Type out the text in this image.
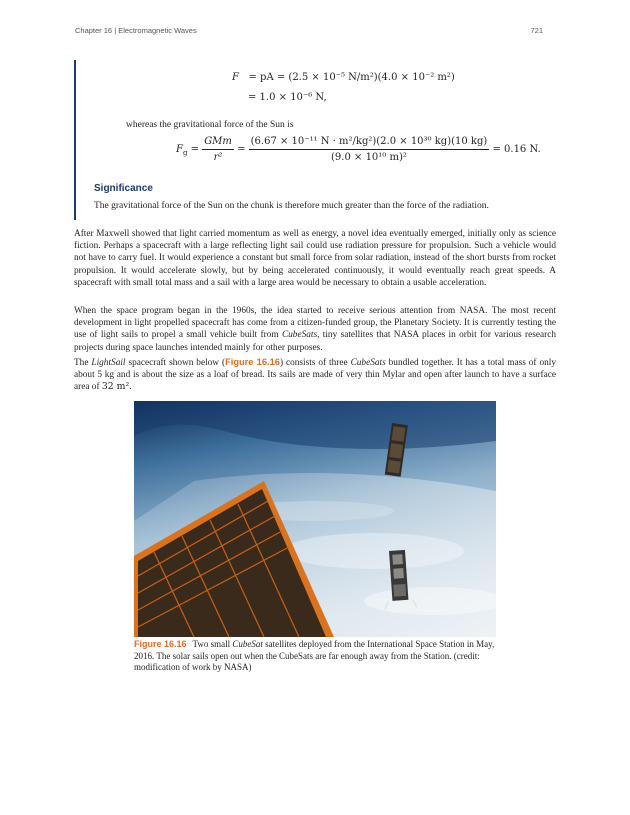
Chapter 16 | Electromagnetic Waves	721
F = pA = (2.5 × 10⁻⁵ N/m²)(4.0 × 10⁻² m²)
= 1.0 × 10⁻⁶ N,
whereas the gravitational force of the Sun is
$F_g = \frac{\text{GMm}}{\text{r²}} = \frac{\text{(6.67 × 10⁻¹¹ N · m²/kg²)(2.0 × 10³⁰ kg)(10 kg)}}{\text{(9.0 × 10¹⁰ m)²}} = 0.16$ N.
Significance
The gravitational force of the Sun on the chunk is therefore much greater than the force of the radiation.

After Maxwell showed that light carried momentum as well as energy, a novel idea eventually emerged, initially only as science fiction. Perhaps a spacecraft with a large reflecting light sail could use radiation pressure for propulsion. Such a vehicle would not have to carry fuel. It would experience a constant but small force from solar radiation, instead of the short bursts from rocket propulsion. It would accelerate slowly, but by being accelerated continuously, it would eventually reach great speeds. A spacecraft with small total mass and a sail with a large area would be necessary to obtain a usable acceleration.

When the space program began in the 1960s, the idea started to receive serious attention from NASA. The most recent development in light propelled spacecraft has come from a citizen-funded group, the Planetary Society. It is currently testing the use of light sails to propel a small vehicle built from CubeSats, tiny satellites that NASA places in orbit for various research projects during space launches intended mainly for other purposes.

The LightSail spacecraft shown below (Figure 16.16) consists of three CubeSats bundled together. It has a total mass of only about 5 kg and is about the size as a loaf of bread. Its sails are made of very thin Mylar and open after launch to have a surface area of 32 m².

Figure 16.16 Two small CubeSat satellites deployed from the International Space Station in May, 2016. The solar sails open out when the CubeSats are far enough away from the Station. (credit: modification of work by NASA)
